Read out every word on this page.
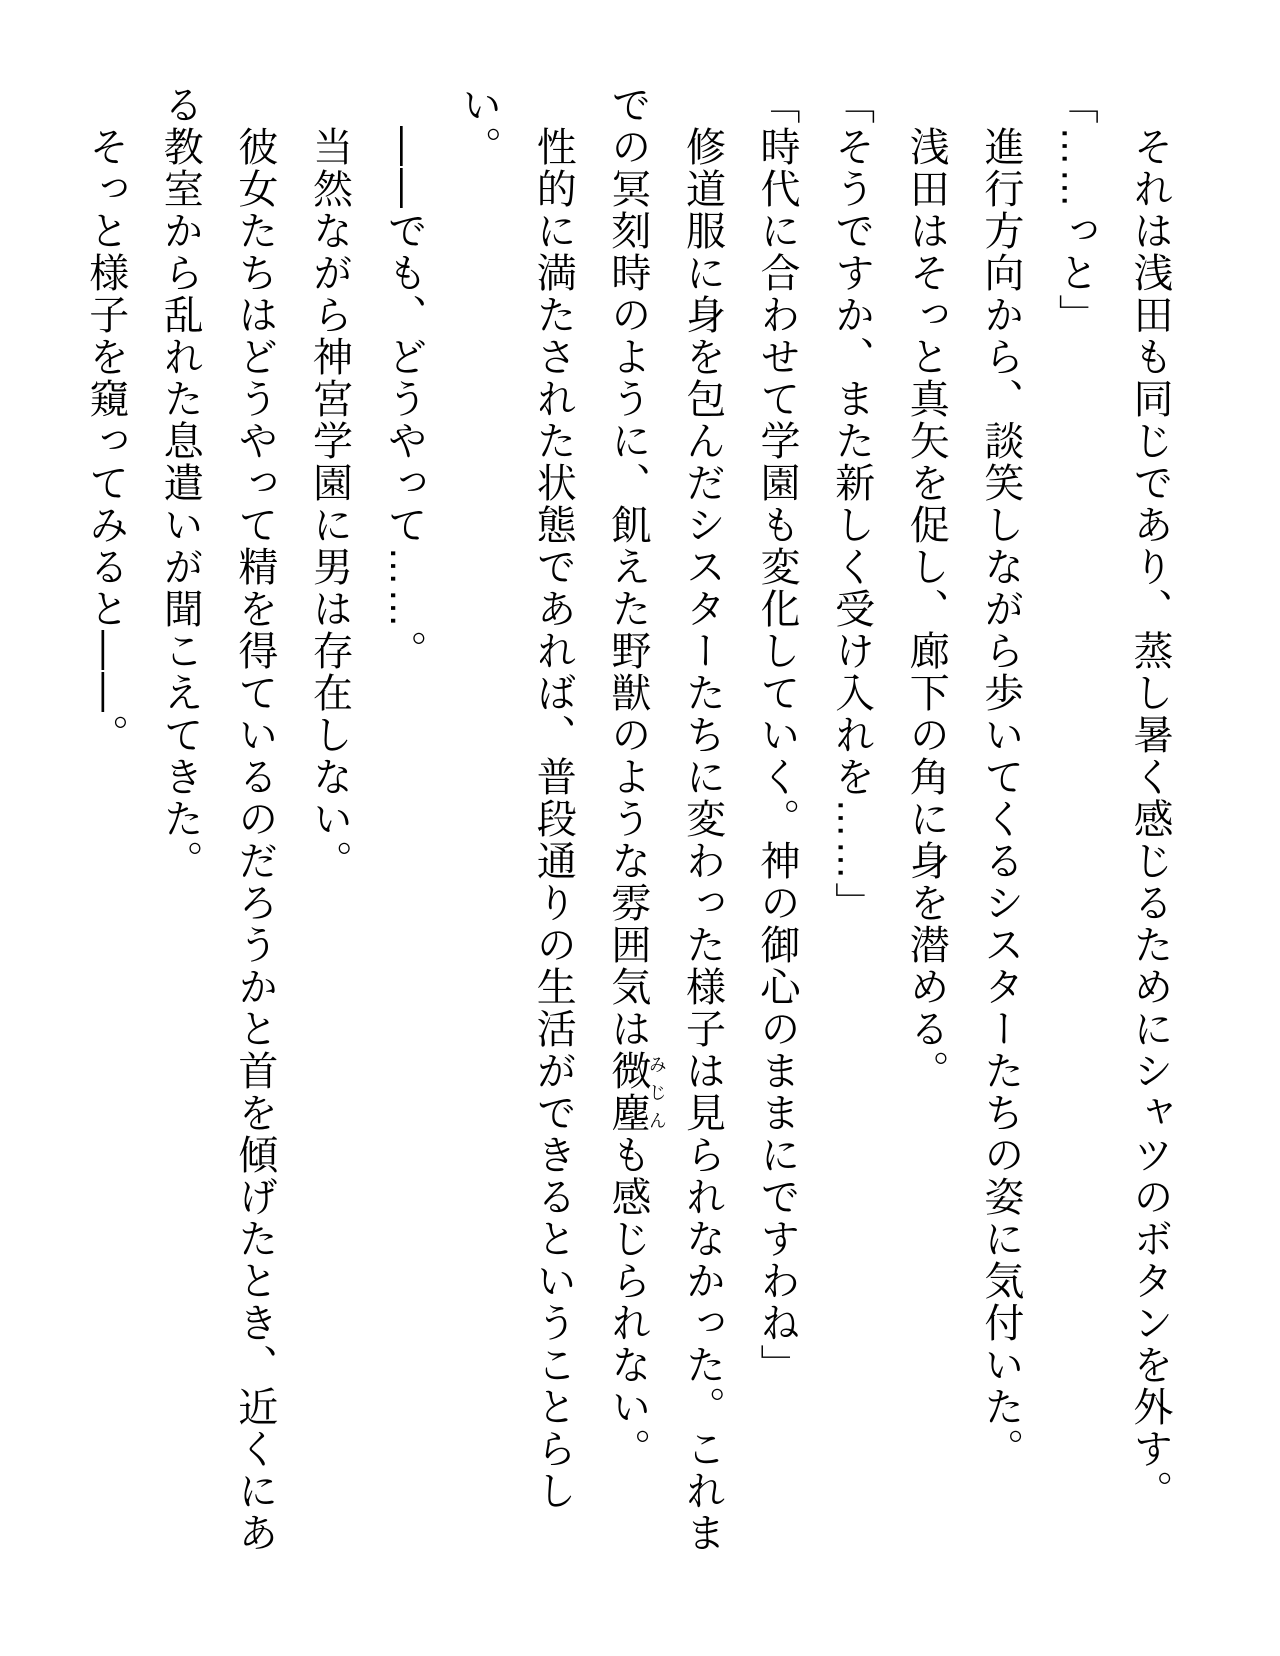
それは浅田も同じであり、蒸し暑く感じるためにシャツのボタンを外す。

「……っと」

進行方向から、談笑しながら歩いてくるシスターたちの姿に気付いた。

浅田はそっと真矢を促し、廊下の角に身を潜める。

「そうですか、また新しく受け入れを……」

「時代に合わせて学園も変化していく。神の御心のままにですわね」

修道服に身を包んだシスターたちに変わった様子は見られなかった。これまでの冥刻時のように、飢えた野獣のような雰囲気は微塵みじんも感じられない。

性的に満たされた状態であれば、普段通りの生活ができるということらしい。

——でも、どうやって……。

当然ながら神宮学園に男は存在しない。

彼女たちはどうやって精を得ているのだろうかと首を傾げたとき、近くにある教室から乱れた息遣いが聞こえてきた。

そっと様子を窺ってみると——。
